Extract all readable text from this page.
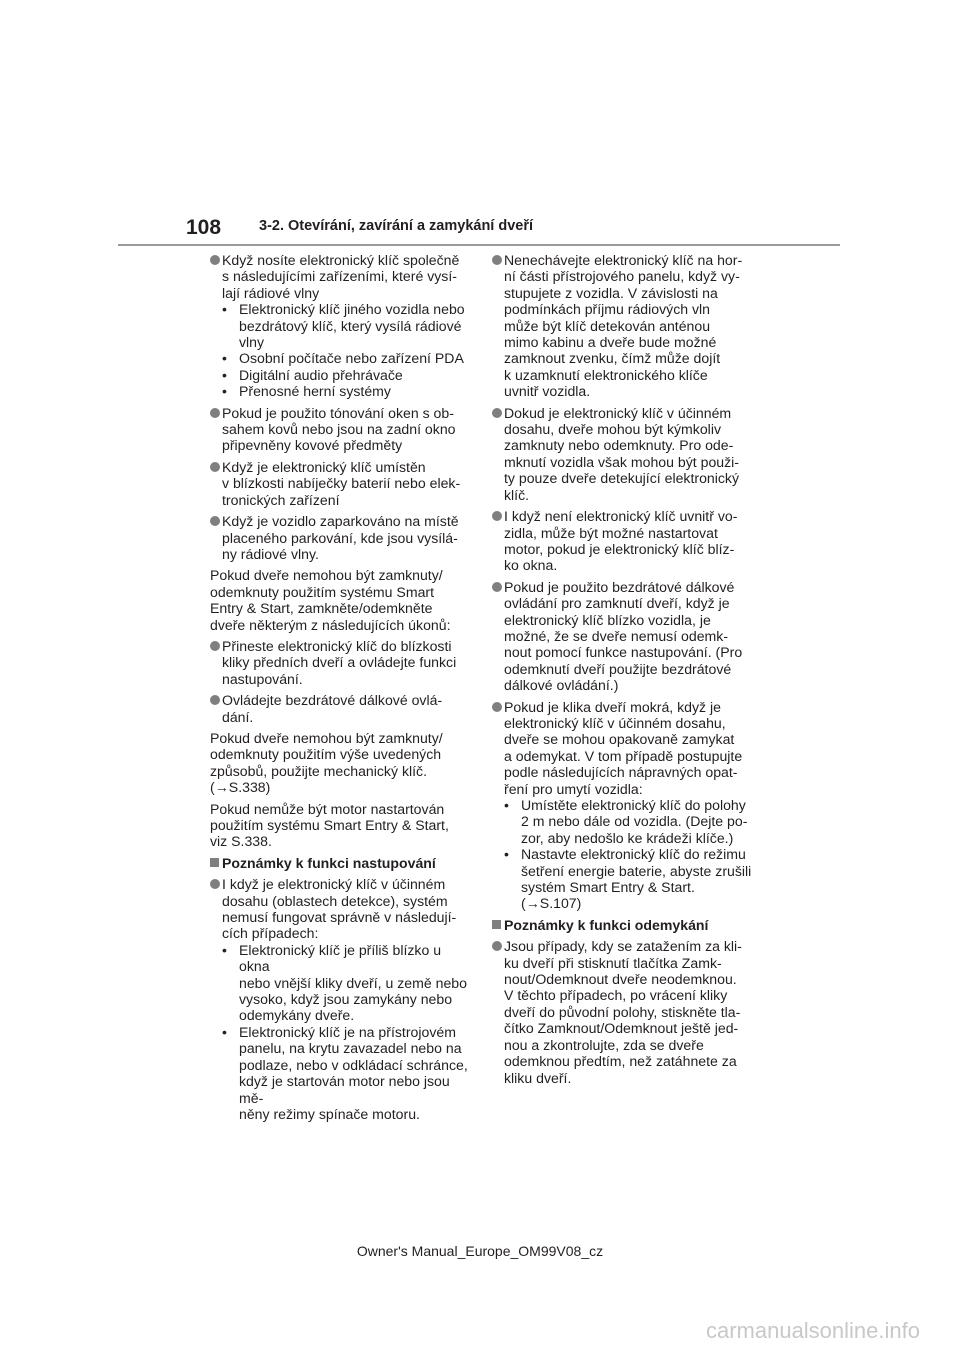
108	3-2. Otevírání, zavírání a zamykání dveří
Když nosíte elektronický klíč společně
s následujícími zařízeními, které vysí-
lají rádiové vlny
• Elektronický klíč jiného vozidla nebo
bezdrátový klíč, který vysílá rádiové
vlny
• Osobní počítače nebo zařízení PDA
• Digitální audio přehrávače
• Přenosné herní systémy
Pokud je použito tónování oken s ob-
sahem kovů nebo jsou na zadní okno
připevněny kovové předměty
Když je elektronický klíč umístěn
v blízkosti nabíječky baterií nebo elek-
tronických zařízení
Když je vozidlo zaparkováno na místě
placeného parkování, kde jsou vysílá-
ny rádiové vlny.
Pokud dveře nemohou být zamknuty/
odemknuty použitím systému Smart
Entry & Start, zamkněte/odemkněte
dveře některým z následujících úkonů:
Přineste elektronický klíč do blízkosti
kliky předních dveří a ovládejte funkci
nastupování.
Ovládejte bezdrátové dálkové ovlá-
dání.
Pokud dveře nemohou být zamknuty/
odemknuty použitím výše uvedených
způsobů, použijte mechanický klíč.
(→S.338)
Pokud nemůže být motor nastartován
použitím systému Smart Entry & Start,
viz S.338.
Poznámky k funkci nastupování
I když je elektronický klíč v účinném
dosahu (oblastech detekce), systém
nemusí fungovat správně v následují-
cích případech:
• Elektronický klíč je příliš blízko u okna
nebo vnější kliky dveří, u země nebo
vysoko, když jsou zamykány nebo
odemykány dveře.
• Elektronický klíč je na přístrojovém
panelu, na krytu zavazadel nebo na
podlaze, nebo v odkládací schránce,
když je startován motor nebo jsou mě-
něny režimy spínače motoru.
Nenechávejte elektronický klíč na hor-
ní části přístrojového panelu, když vy-
stupujete z vozidla. V závislosti na
podmínkách příjmu rádiových vln
může být klíč detekován anténou
mimo kabinu a dveře bude možné
zamknout zvenku, čímž může dojít
k uzamknutí elektronického klíče
uvnitř vozidla.
Dokud je elektronický klíč v účinném
dosahu, dveře mohou být kýmkoliv
zamknuty nebo odemknuty. Pro ode-
mknutí vozidla však mohou být použi-
ty pouze dveře detekující elektronický
klíč.
I když není elektronický klíč uvnitř vo-
zidla, může být možné nastartovat
motor, pokud je elektronický klíč blíz-
ko okna.
Pokud je použito bezdrátové dálkové
ovládání pro zamknutí dveří, když je
elektronický klíč blízko vozidla, je
možné, že se dveře nemusí odemk-
nout pomocí funkce nastupování. (Pro
odemknutí dveří použijte bezdrátové
dálkové ovládání.)
Pokud je klika dveří mokrá, když je
elektronický klíč v účinném dosahu,
dveře se mohou opakovaně zamykat
a odemykat. V tom případě postupujte
podle následujících nápravných opat-
ření pro umytí vozidla:
• Umístěte elektronický klíč do polohy
2 m nebo dále od vozidla. (Dejte po-
zor, aby nedošlo ke krádeži klíče.)
• Nastavte elektronický klíč do režimu
šetření energie baterie, abyste zrušili
systém Smart Entry & Start. (→S.107)
Poznámky k funkci odemykání
Jsou případy, kdy se zatažením za kli-
ku dveří při stisknutí tlačítka Zamk-
nout/Odemknout dveře neodemknou.
V těchto případech, po vrácení kliky
dveří do původní polohy, stiskněte tla-
čítko Zamknout/Odemknout ještě jed-
nou a zkontrolujte, zda se dveře
odemknou předtím, než zatáhnete za
kliku dveří.
Owner's Manual_Europe_OM99V08_cz
carmanualsonline.info
